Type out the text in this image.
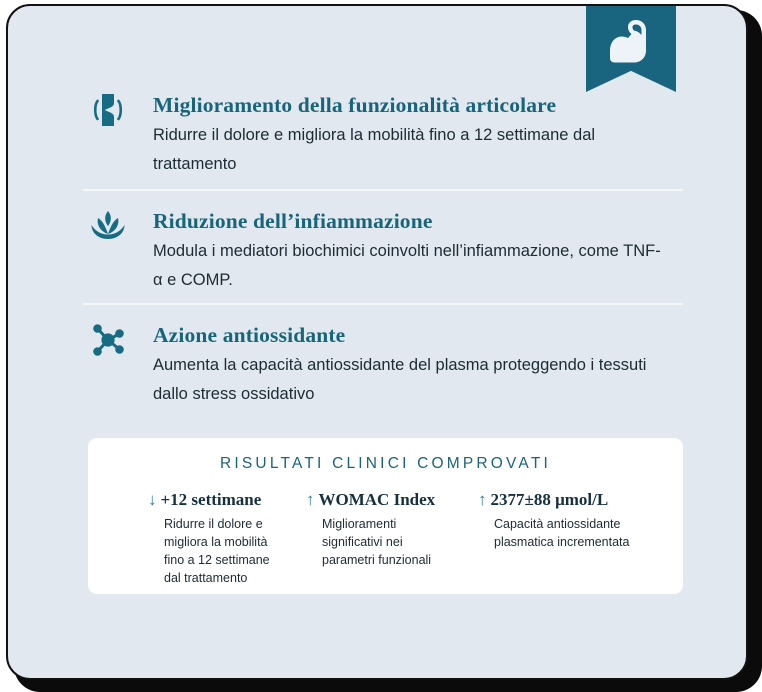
Miglioramento della funzionalità articolare
Ridurre il dolore e migliora la mobilità fino a 12 settimane dal trattamento
Riduzione dell’infiammazione
Modula i mediatori biochimici coinvolti nell’infiammazione, come TNF- α e COMP.
Azione antiossidante
Aumenta la capacità antiossidante del plasma proteggendo i tessuti dallo stress ossidativo
RISULTATI CLINICI COMPROVATI
↓ +12 settimane
Ridurre il dolore e migliora la mobilità fino a 12 settimane dal trattamento
↑ WOMAC Index
Miglioramenti significativi nei parametri funzionali
↑ 2377±88 μmol/L
Capacità antiossidante plasmatica incrementata
